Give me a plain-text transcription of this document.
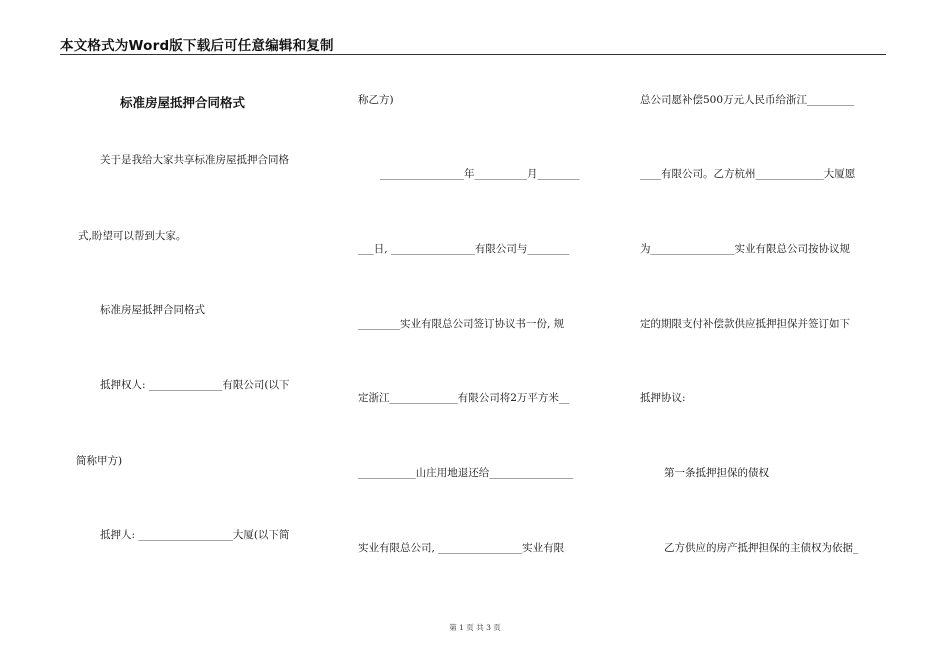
本文格式为Word版下载后可任意编辑和复制
标准房屋抵押合同格式
关于是我给大家共享标准房屋抵押合同格
式,盼望可以帮到大家。
标准房屋抵押合同格式
抵押权人: ______________有限公司(以下
简称甲方)
抵押人: __________________大厦(以下简
称乙方)
________________年__________月________
___日, ________________有限公司与________
________实业有限总公司签订协议书一份, 规
定浙江_____________有限公司将2万平方米__
___________山庄用地退还给________________
实业有限总公司, ________________实业有限
总公司愿补偿500万元人民币给浙江_________
____有限公司。乙方杭州_____________大厦愿
为________________实业有限总公司按协议规
定的期限支付补偿款供应抵押担保并签订如下
抵押协议:
第一条抵押担保的债权
乙方供应的房产抵押担保的主债权为依据_
第 1 页 共 3 页
